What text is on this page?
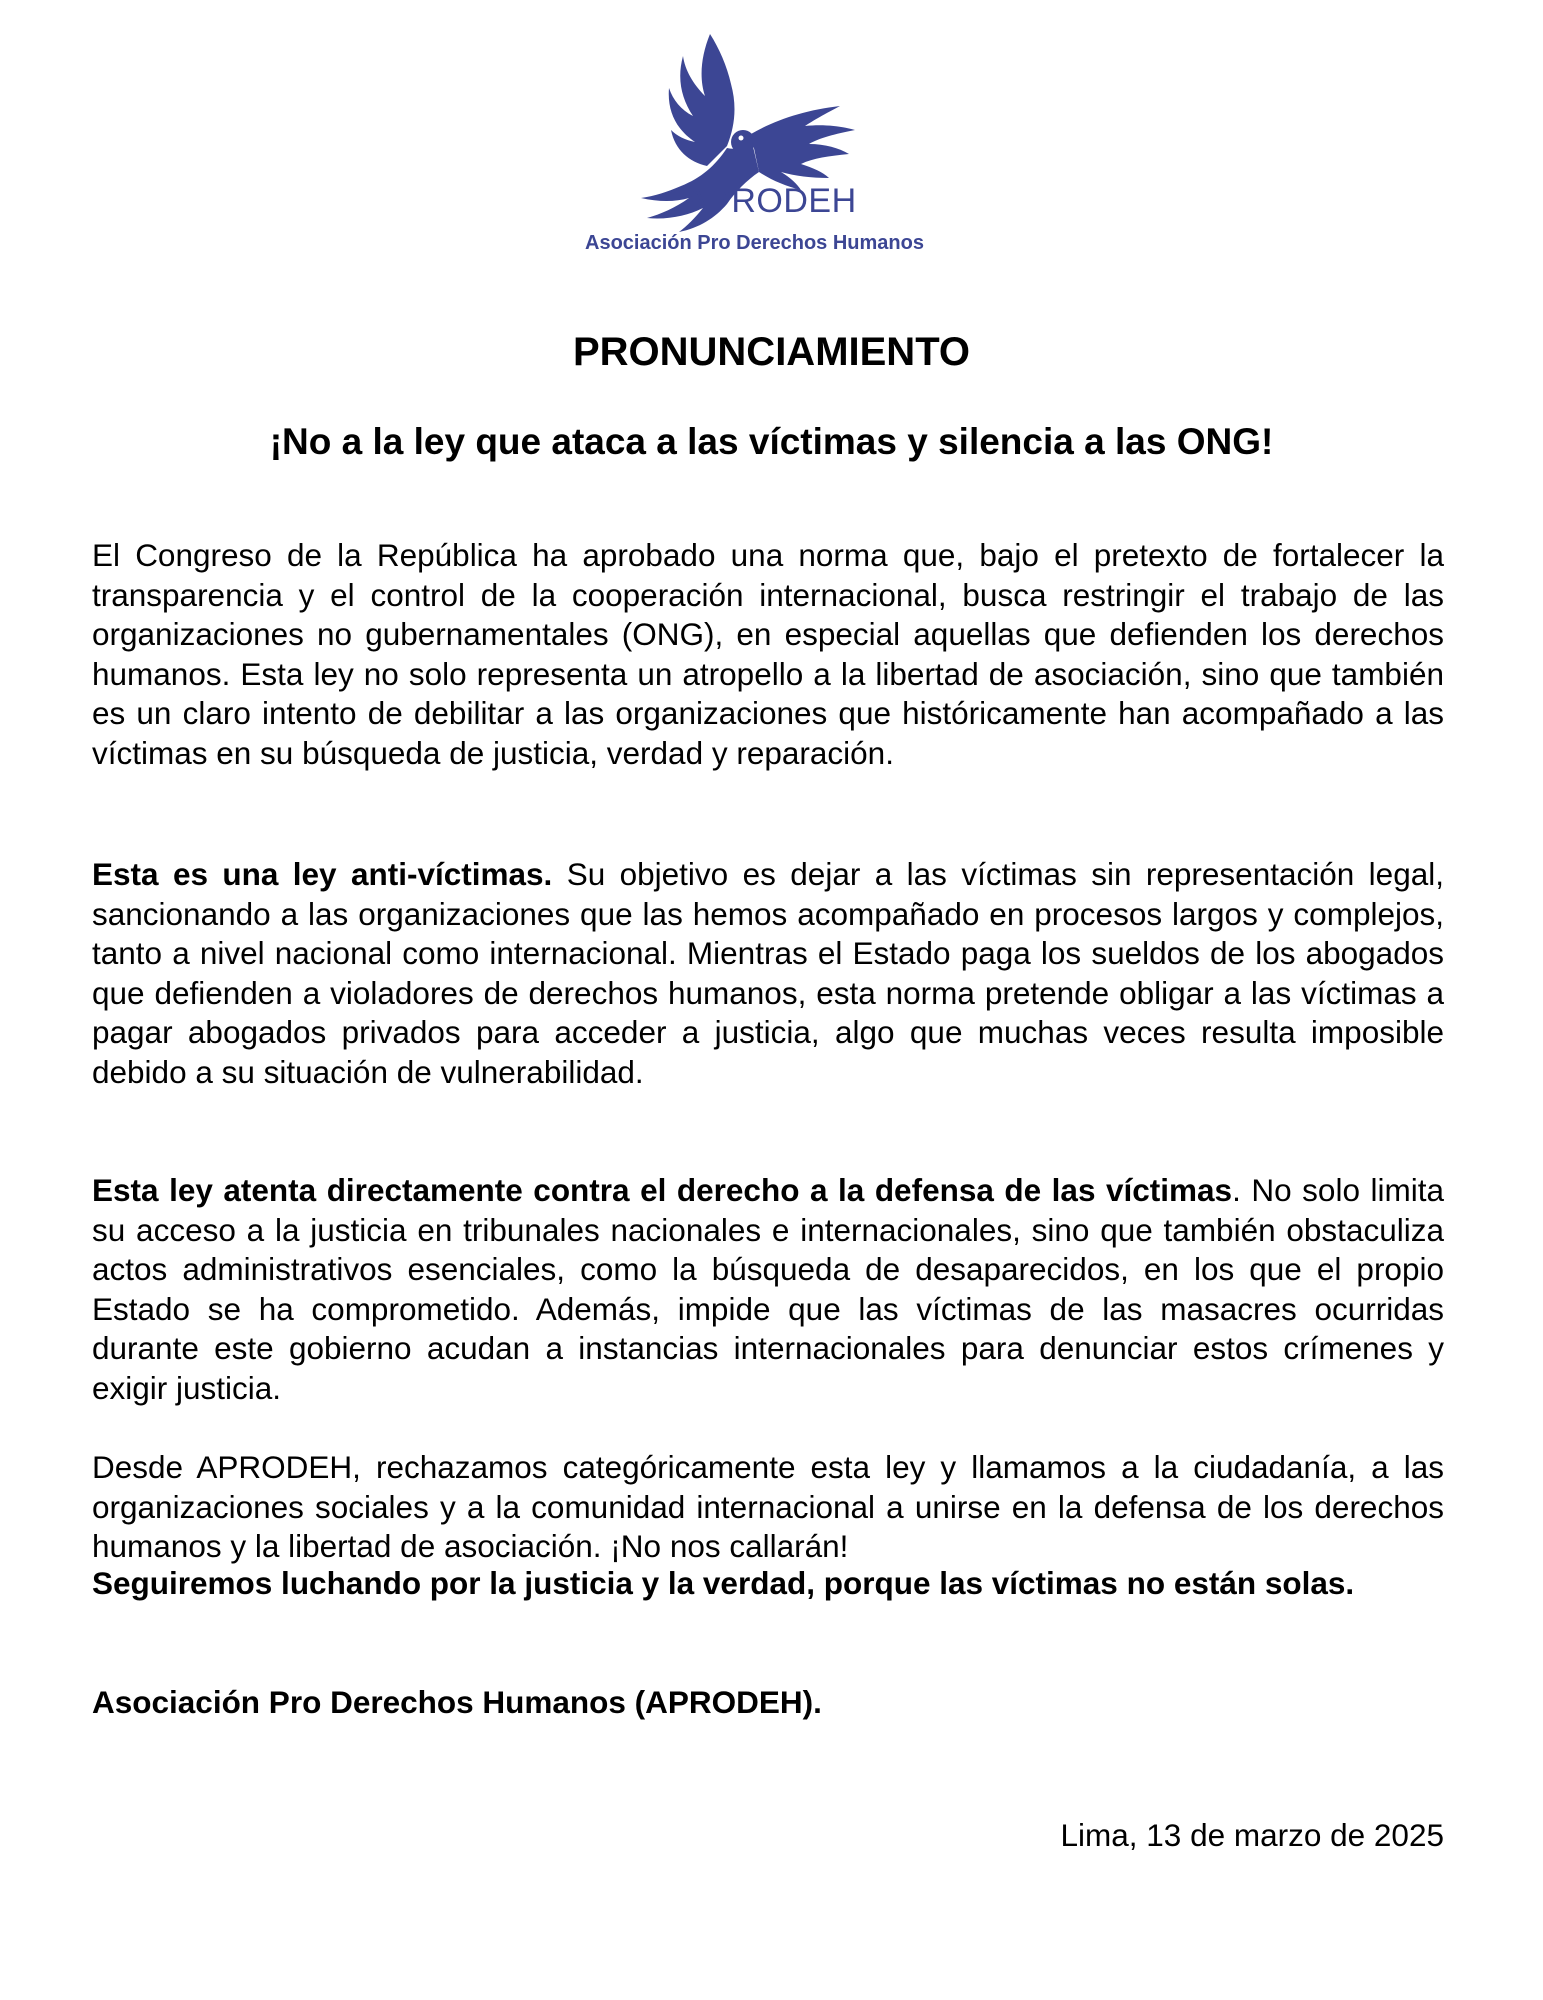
APRODEH
Asociación Pro Derechos Humanos
PRONUNCIAMIENTO
¡No a la ley que ataca a las víctimas y silencia a las ONG!
El Congreso de la República ha aprobado una norma que, bajo el pretexto de fortalecer la transparencia y el control de la cooperación internacional, busca restringir el trabajo de las organizaciones no gubernamentales (ONG), en especial aquellas que defienden los derechos humanos. Esta ley no solo representa un atropello a la libertad de asociación, sino que también es un claro intento de debilitar a las organizaciones que históricamente han acompañado a las víctimas en su búsqueda de justicia, verdad y reparación.
Esta es una ley anti-víctimas. Su objetivo es dejar a las víctimas sin representación legal, sancionando a las organizaciones que las hemos acompañado en procesos largos y complejos, tanto a nivel nacional como internacional. Mientras el Estado paga los sueldos de los abogados que defienden a violadores de derechos humanos, esta norma pretende obligar a las víctimas a pagar abogados privados para acceder a justicia, algo que muchas veces resulta imposible debido a su situación de vulnerabilidad.
Esta ley atenta directamente contra el derecho a la defensa de las víctimas. No solo limita su acceso a la justicia en tribunales nacionales e internacionales, sino que también obstaculiza actos administrativos esenciales, como la búsqueda de desaparecidos, en los que el propio Estado se ha comprometido. Además, impide que las víctimas de las masacres ocurridas durante este gobierno acudan a instancias internacionales para denunciar estos crímenes y exigir justicia.
Desde APRODEH, rechazamos categóricamente esta ley y llamamos a la ciudadanía, a las organizaciones sociales y a la comunidad internacional a unirse en la defensa de los derechos humanos y la libertad de asociación. ¡No nos callarán!
Seguiremos luchando por la justicia y la verdad, porque las víctimas no están solas.
Asociación Pro Derechos Humanos (APRODEH).
Lima, 13 de marzo de 2025
